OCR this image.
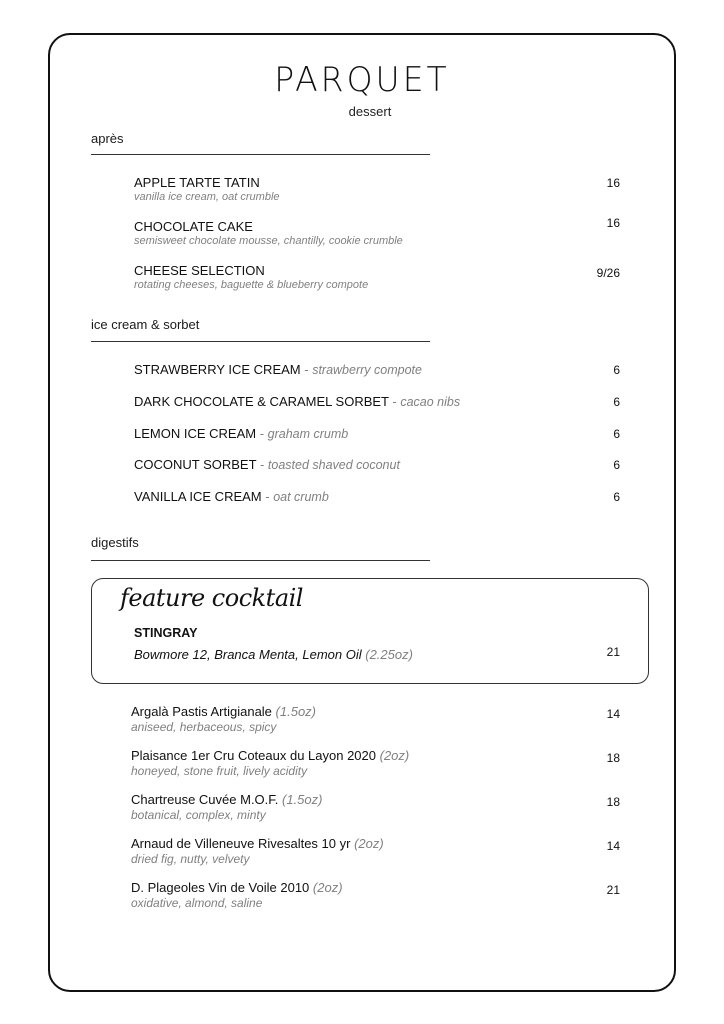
PARQUET
dessert
après
APPLE TARTE TATIN
vanilla ice cream, oat crumble
16
CHOCOLATE CAKE
semisweet chocolate mousse, chantilly, cookie crumble
16
CHEESE SELECTION
rotating cheeses, baguette & blueberry compote
9/26
ice cream & sorbet
STRAWBERRY ICE CREAM - strawberry compote	6
DARK CHOCOLATE & CARAMEL SORBET - cacao nibs	6
LEMON ICE CREAM - graham crumb	6
COCONUT SORBET - toasted shaved coconut	6
VANILLA ICE CREAM - oat crumb	6
digestifs
feature cocktail
STINGRAY
Bowmore 12, Branca Menta, Lemon Oil (2.25oz)	21
Argalà Pastis Artigianale (1.5oz)
aniseed, herbaceous, spicy
14
Plaisance 1er Cru Coteaux du Layon 2020 (2oz)
honeyed, stone fruit, lively acidity
18
Chartreuse Cuvée M.O.F. (1.5oz)
botanical, complex, minty
18
Arnaud de Villeneuve Rivesaltes 10 yr (2oz)
dried fig, nutty, velvety
14
D. Plageoles Vin de Voile 2010 (2oz)
oxidative, almond, saline
21
